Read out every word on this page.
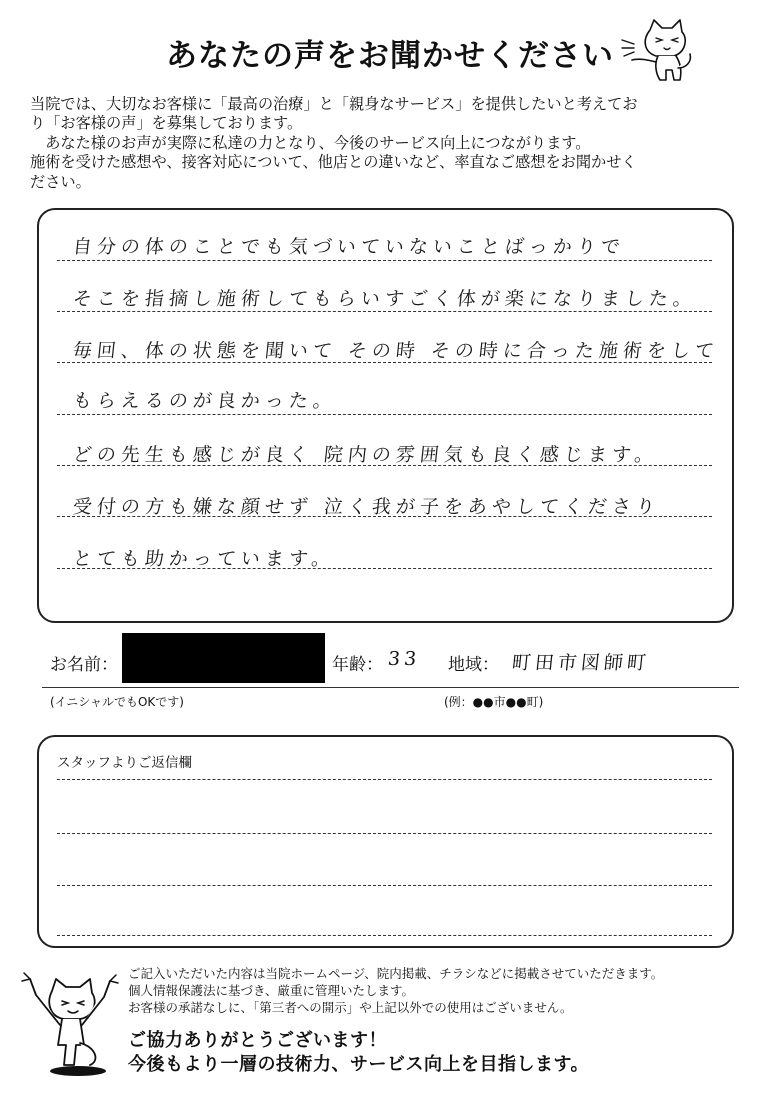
あなたの声をお聞かせください
当院では、大切なお客様に「最高の治療」と「親身なサービス」を提供したいと考えてお
り「お客様の声」を募集しております。
　あなた様のお声が実際に私達の力となり、今後のサービス向上につながります。
施術を受けた感想や、接客対応について、他店との違いなど、率直なご感想をお聞かせく
ださい。
自分の体のことでも気づいていないことばっかりで
そこを指摘し施術してもらいすごく体が楽になりました。
毎回、体の状態を聞いて その時 その時に合った施術をして
もらえるのが良かった。
どの先生も感じが良く 院内の雰囲気も良く感じます。
受付の方も嫌な顔せず 泣く我が子をあやしてくださり
とても助かっています。
お名前：	年齢： 33 地域： 町田市図師町
(イニシャルでもOKです)	(例：●●市●●町)
スタッフよりご返信欄
ご記入いただいた内容は当院ホームページ、院内掲載、チラシなどに掲載させていただきます。
個人情報保護法に基づき、厳重に管理いたします。
お客様の承諾なしに、「第三者への開示」や上記以外での使用はございません。
ご協力ありがとうございます！
今後もより一層の技術力、サービス向上を目指します。
